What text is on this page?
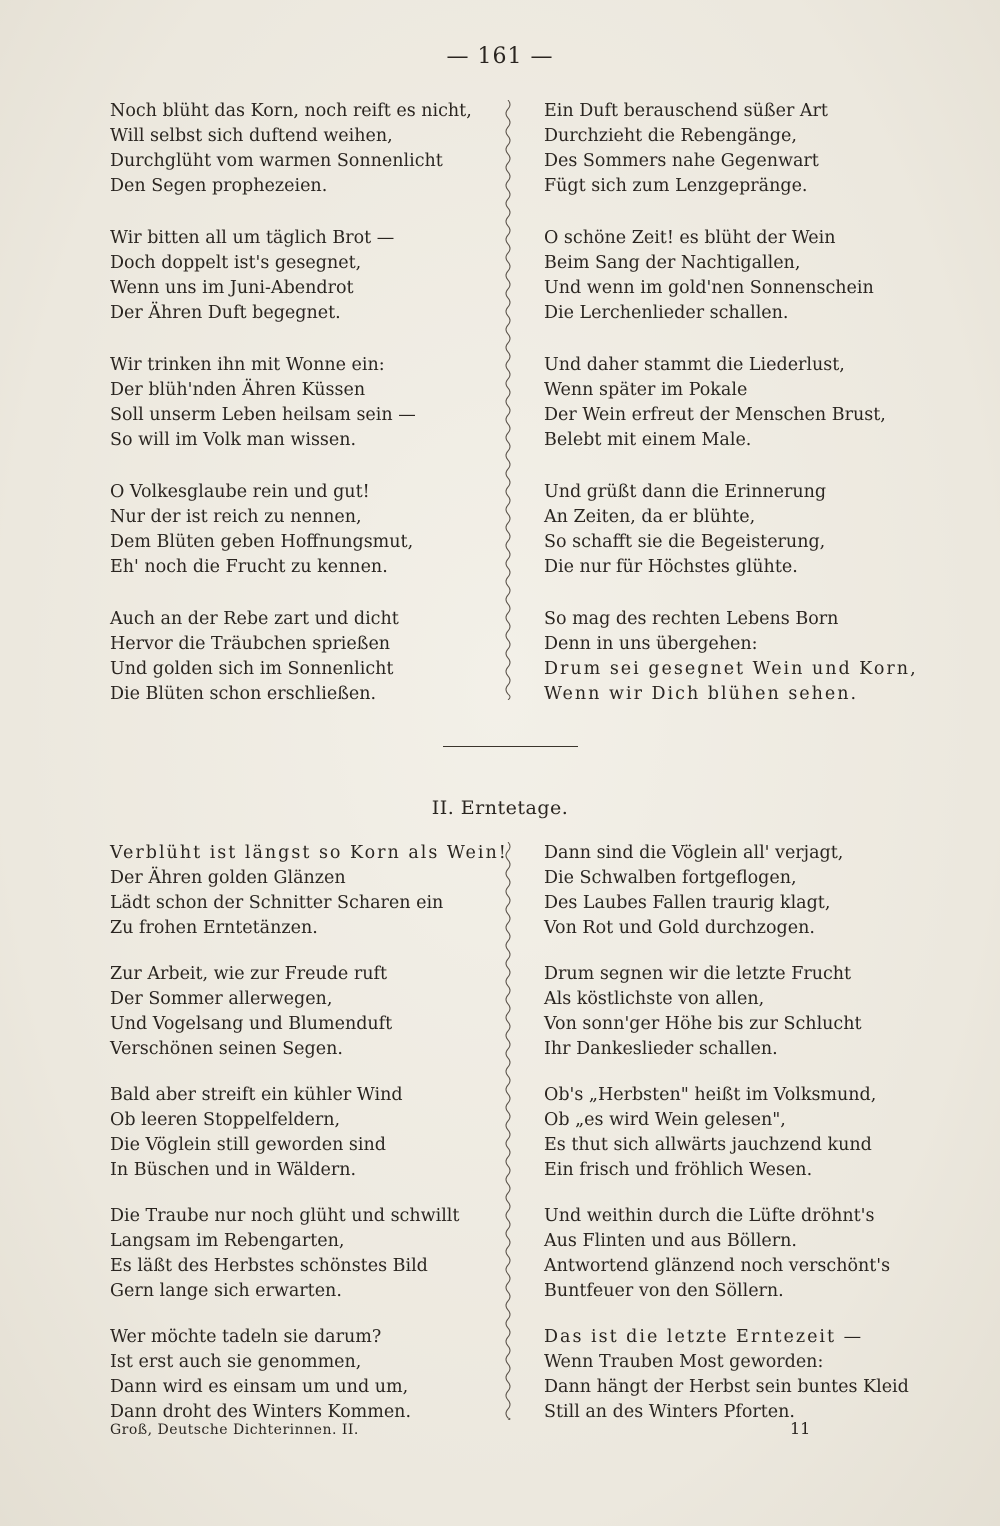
— 161 —
Noch blüht das Korn, noch reift es nicht,
Will selbst sich duftend weihen,
Durchglüht vom warmen Sonnenlicht
Den Segen prophezeien.
Wir bitten all um täglich Brot —
Doch doppelt ist's gesegnet,
Wenn uns im Juni-Abendrot
Der Ähren Duft begegnet.
Wir trinken ihn mit Wonne ein:
Der blüh'nden Ähren Küssen
Soll unserm Leben heilsam sein —
So will im Volk man wissen.
O Volkesglaube rein und gut!
Nur der ist reich zu nennen,
Dem Blüten geben Hoffnungsmut,
Eh' noch die Frucht zu kennen.
Auch an der Rebe zart und dicht
Hervor die Träubchen sprießen
Und golden sich im Sonnenlicht
Die Blüten schon erschließen.
Ein Duft berauschend süßer Art
Durchzieht die Rebengänge,
Des Sommers nahe Gegenwart
Fügt sich zum Lenzgepränge.
O schöne Zeit! es blüht der Wein
Beim Sang der Nachtigallen,
Und wenn im gold'nen Sonnenschein
Die Lerchenlieder schallen.
Und daher stammt die Liederlust,
Wenn später im Pokale
Der Wein erfreut der Menschen Brust,
Belebt mit einem Male.
Und grüßt dann die Erinnerung
An Zeiten, da er blühte,
So schafft sie die Begeisterung,
Die nur für Höchstes glühte.
So mag des rechten Lebens Born
Denn in uns übergehen:
Drum sei gesegnet Wein und Korn,
Wenn wir Dich blühen sehen.
II. Erntetage.
Verblüht ist längst so Korn als Wein!
Der Ähren golden Glänzen
Lädt schon der Schnitter Scharen ein
Zu frohen Erntetänzen.
Zur Arbeit, wie zur Freude ruft
Der Sommer allerwegen,
Und Vogelsang und Blumenduft
Verschönen seinen Segen.
Bald aber streift ein kühler Wind
Ob leeren Stoppelfeldern,
Die Vöglein still geworden sind
In Büschen und in Wäldern.
Die Traube nur noch glüht und schwillt
Langsam im Rebengarten,
Es läßt des Herbstes schönstes Bild
Gern lange sich erwarten.
Wer möchte tadeln sie darum?
Ist erst auch sie genommen,
Dann wird es einsam um und um,
Dann droht des Winters Kommen.
Dann sind die Vöglein all' verjagt,
Die Schwalben fortgeflogen,
Des Laubes Fallen traurig klagt,
Von Rot und Gold durchzogen.
Drum segnen wir die letzte Frucht
Als köstlichste von allen,
Von sonn'ger Höhe bis zur Schlucht
Ihr Dankeslieder schallen.
Ob's „Herbsten" heißt im Volksmund,
Ob „es wird Wein gelesen",
Es thut sich allwärts jauchzend kund
Ein frisch und fröhlich Wesen.
Und weithin durch die Lüfte dröhnt's
Aus Flinten und aus Böllern.
Antwortend glänzend noch verschönt's
Buntfeuer von den Söllern.
Das ist die letzte Erntezeit —
Wenn Trauben Most geworden:
Dann hängt der Herbst sein buntes Kleid
Still an des Winters Pforten.
Groß, Deutsche Dichterinnen. II.	11
